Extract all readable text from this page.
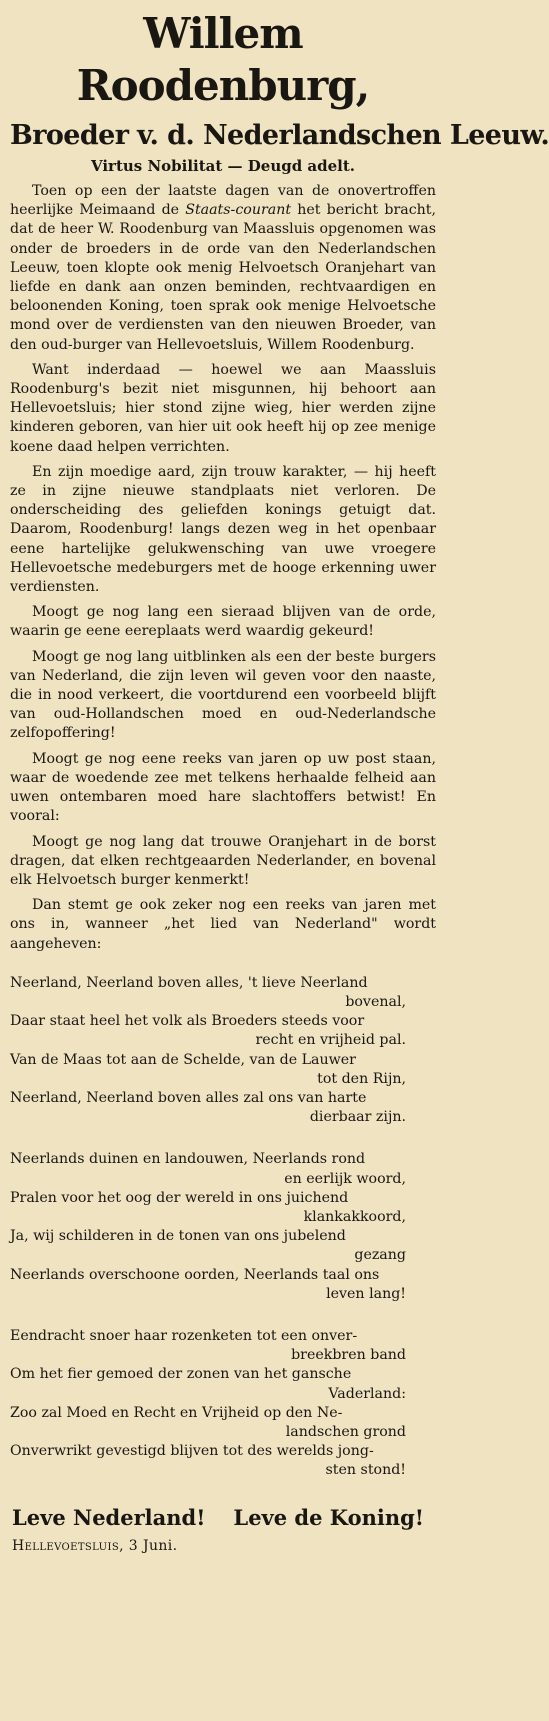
Willem Roodenburg,
Broeder v. d. Nederlandschen Leeuw.
Virtus Nobilitat — Deugd adelt.

Toen op een der laatste dagen van de onovertroffen heerlijke Meimaand de Staats-courant het bericht bracht, dat de heer W. Roodenburg van Maassluis opgenomen was onder de broeders in de orde van den Nederlandschen Leeuw, toen klopte ook menig Helvoetsch Oranjehart van liefde en dank aan onzen beminden, rechtvaardigen en beloonenden Koning, toen sprak ook menige Helvoetsche mond over de verdiensten van den nieuwen Broeder, van den oud-burger van Hellevoetsluis, Willem Roodenburg.

Want inderdaad — hoewel we aan Maassluis Roodenburg's bezit niet misgunnen, hij behoort aan Hellevoetsluis; hier stond zijne wieg, hier werden zijne kinderen geboren, van hier uit ook heeft hij op zee menige koene daad helpen verrichten.

En zijn moedige aard, zijn trouw karakter, — hij heeft ze in zijne nieuwe standplaats niet verloren. De onderscheiding des geliefden konings getuigt dat. Daarom, Roodenburg! langs dezen weg in het openbaar eene hartelijke gelukwensching van uwe vroegere Hellevoetsche medeburgers met de hooge erkenning uwer verdiensten.

Moogt ge nog lang een sieraad blijven van de orde, waarin ge eene eereplaats werd waardig gekeurd!

Moogt ge nog lang uitblinken als een der beste burgers van Nederland, die zijn leven wil geven voor den naaste, die in nood verkeert, die voortdurend een voorbeeld blijft van oud-Hollandschen moed en oud-Nederlandsche zelfopoffering!

Moogt ge nog eene reeks van jaren op uw post staan, waar de woedende zee met telkens herhaalde felheid aan uwen ontembaren moed hare slachtoffers betwist! En vooral:

Moogt ge nog lang dat trouwe Oranjehart in de borst dragen, dat elken rechtgeaarden Nederlander, en bovenal elk Helvoetsch burger kenmerkt!

Dan stemt ge ook zeker nog een reeks van jaren met ons in, wanneer „het lied van Nederland" wordt aangeheven:

Neerland, Neerland boven alles, 't lieve Neerland
bovenal,

Daar staat heel het volk als Broeders steeds voor
recht en vrijheid pal.

Van de Maas tot aan de Schelde, van de Lauwer
tot den Rijn,

Neerland, Neerland boven alles zal ons van harte
dierbaar zijn.

Neerlands duinen en landouwen, Neerlands rond
en eerlijk woord,

Pralen voor het oog der wereld in ons juichend
klankakkoord,

Ja, wij schilderen in de tonen van ons jubelend
gezang

Neerlands overschoone oorden, Neerlands taal ons
leven lang!

Eendracht snoer haar rozenketen tot een onver-
breekbren band

Om het fier gemoed der zonen van het gansche
Vaderland:

Zoo zal Moed en Recht en Vrijheid op den Ne-
landschen grond

Onverwrikt gevestigd blijven tot des werelds jong-
sten stond!

Leve Nederland! Leve de Koning!
Hellevoetsluis, 3 Juni.
